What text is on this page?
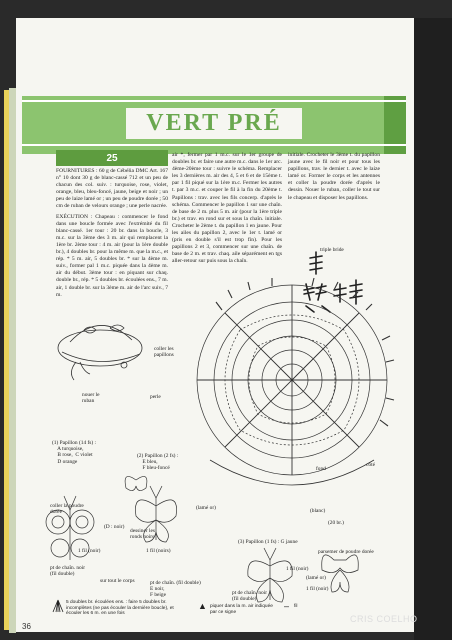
VERT PRÉ
25

FOURNITURES : 60 g de Cébélia DMC Art. 167 n° 10 dont 30 g de blanc-cassé 712 et un peu de chacun des col. suiv. : turquoise, rose, violet, orange, bleu, bleu-foncé, jaune, beige et noir ; un peu de laize lamé or ; un peu de poudre dorée ; 50 cm de ruban de velours orange ; une perle nacrée.

EXÉCUTION : Chapeau : commencer le fond dans une boucle formée avec l'extrémité du fil blanc-cassé. 1er tour : 20 br. dans la boucle, 3 m.c. sur la 3ème des 3 m. air qui remplacent la 1ère br. 2ème tour : 4 m. air (pour la 1ère double br.), 4 doubles br. pour la même m. que la m.c., et rép. * 5 m. air, 5 doubles br. * sur la 4ème m. suiv., former pal 1 m.c. piquée dans la 4ème m. air du début. 3ème tour : en piquant sur chaq. double br., rép. * 5 doubles br. écoulées ens., 7 m. air, 1 double br. sur la 3ème m. air de l'arc suiv., 7 m.

air *, fermer par 1 m.c. sur le 1er groupe de doubles br. et faire une autre m.c. dans le 1er arc. 4ème-20ème tour : suivre le schéma. Remplacer les 3 dernières m. air des 4, 5 et 6 et de 15ème t. par 1 fil piqué sur la 1ère m.c. Fermer les autres t. par 3 m.c. et couper le fil à la fin du 20ème t. Papillons : trav. avec les fils concerp. d'après le schéma. Commencer le papillon 1 sur une chaîn. de base de 2 m. plus 5 m. air (pour la 1ère triple br.) et trav. en rond sur et sous la chaîn. initiale. Crocheter le 2ème t. du papillon 1 en jaune. Pour les ailes du papillon 2, avec le 1er t. lamé or (pris en double s'il est trop fin). Pour les papillons 2 et 3, commencer sur une chaîn. de base de 2 m. et trav. chaq. aile séparément en tgs aller-retour sur puis sous la chaîn.
initiale. Crocheter le 3ème t. du papillon jaune avec le fil noir et pour tous les papillons, trav. le dernier t. avec le laize lamé or. Former le corps et les antennes et coller la poudre dorée d'après le dessin. Nouer le ruban, coller le tout sur le chapeau et disposer les papillons.
triple bride
coller les
papillons
perle
nouer le
ruban
(1) Papillon (14 fs) :
A turquoise,
B rose,  C violet
D orange
(2) Papillon (2 fs) :
E bleu,
F bleu-foncé
(lamé or)
fond
(blanc)
(20 br.)
côté
coller la poudre
dorée
(D : noir)
1 fil (noir)
dessiner les
ronds noirs
1 fil (noirs)
pt de chaîn. noir
(fil double)
sur tout le corps	pt de chaîn. (fil double)
E noir,
F beige
(3) Papillon (1 fs) : G jaune
parsemer de poudre dorée
(lamé or)
1 fil (noir)
1 fil (noir)
pt de chaîn. noir
(fil double)
5 doubles br. écoulées ens. : faire 5 doubles br. incomplètes (ne pas écouler la dernière boucle), et écouler les 6 m. en une fois
▲ piquer dans la m. air indiquée par ce signe
– fil
36
CRIS COELHO
